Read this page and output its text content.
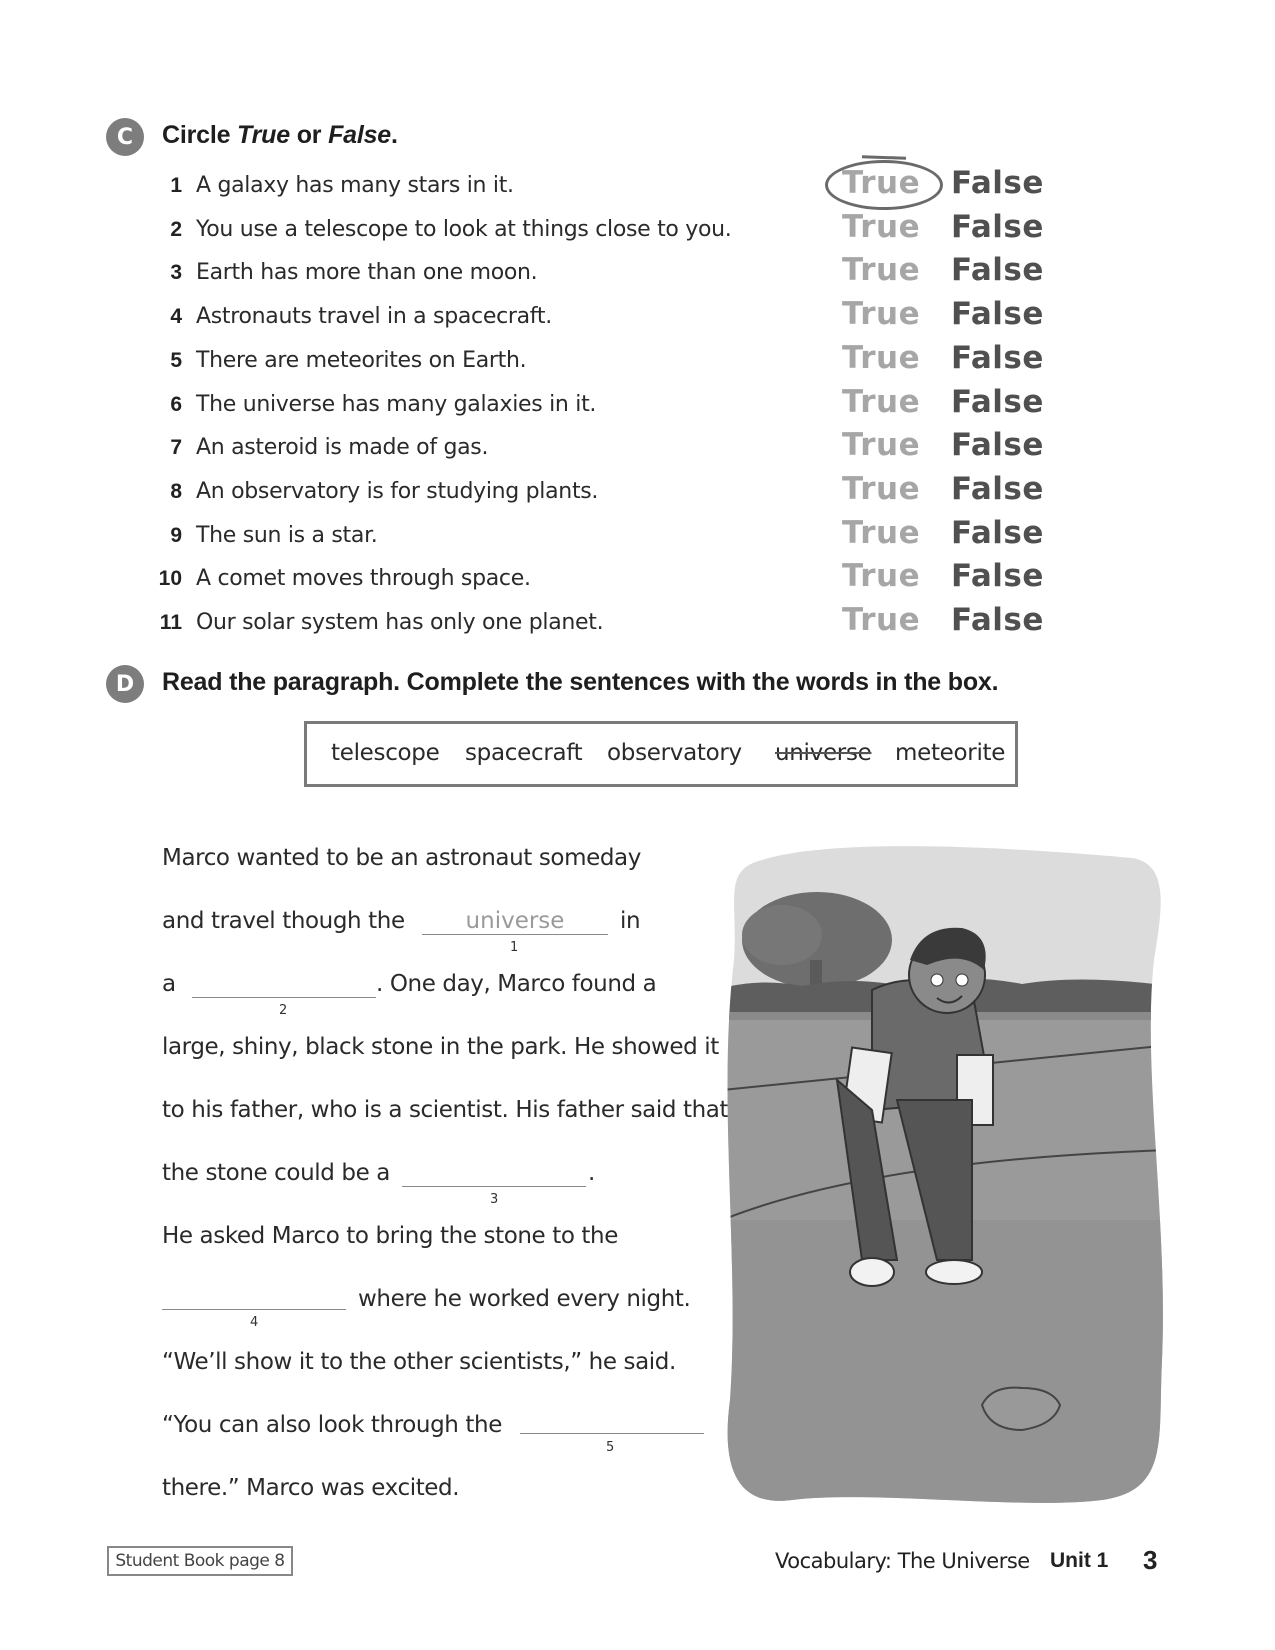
C Circle True or False.
1 A galaxy has many stars in it.	True False
2 You use a telescope to look at things close to you.	True False
3 Earth has more than one moon.	True False
4 Astronauts travel in a spacecraft.	True False
5 There are meteorites on Earth.	True False
6 The universe has many galaxies in it.	True False
7 An asteroid is made of gas.	True False
8 An observatory is for studying plants.	True False
9 The sun is a star.	True False
10 A comet moves through space.	True False
11 Our solar system has only one planet.	True False
D Read the paragraph. Complete the sentences with the words in the box.
telescope spacecraft observatory universe meteorite
Marco wanted to be an astronaut someday
and travel though the	universe
1
in
a
2
. One day, Marco found a
large, shiny, black stone in the park. He showed it
to his father, who is a scientist. His father said that
the stone could be a
3
.
He asked Marco to bring the stone to the
4
where he worked every night.
“We’ll show it to the other scientists,” he said.
“You can also look through the
5
there.” Marco was excited.
Student Book page 8	Vocabulary: The Universe Unit 1 3
